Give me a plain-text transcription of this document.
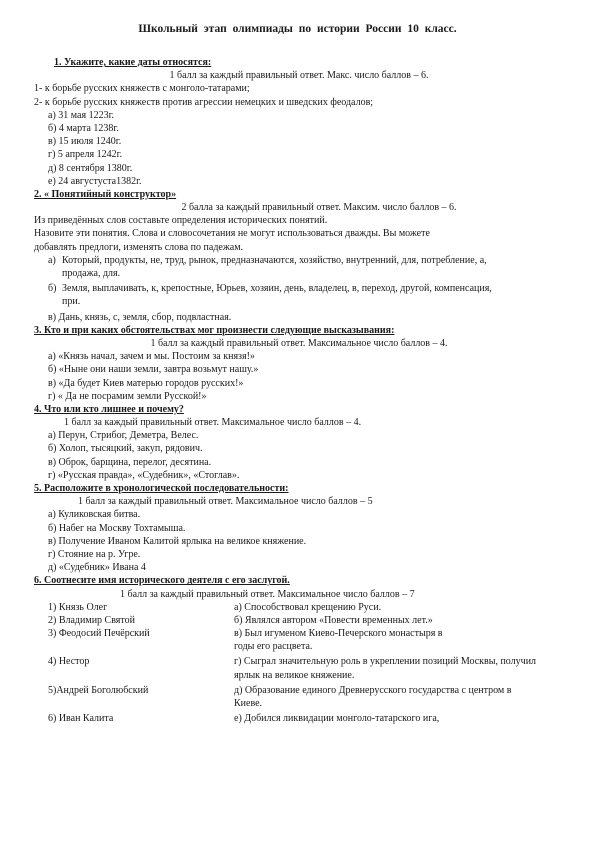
Школьный этап олимпиады по истории России 10 класс.

1. Укажите, какие даты относятся:

1 балл за каждый правильный ответ. Макс. число баллов – 6.

1- к борьбе русских княжеств с монголо-татарами;

2- к борьбе русских княжеств против агрессии немецких и шведских феодалов;

а) 31 мая 1223г.

б) 4 марта 1238г.

в) 15 июля 1240г.

г) 5 апреля 1242г.

д) 8 сентября 1380г.

е) 24 августуста1382г.

2. « Понятийный конструктор»

2 балла за каждый правильный ответ. Максим. число баллов – 6.

Из приведённых слов составьте определения исторических понятий.

Назовите эти понятия. Слова и словосочетания не могут использоваться дважды. Вы можете

добавлять предлоги, изменять слова по падежам.

а) Который, продукты, не, труд, рынок, предназначаются, хозяйство, внутренний, для, потребление, а, продажа, для.
б) Земля, выплачивать, к, крепостные, Юрьев, хозяин, день, владелец, в, переход, другой, компенсация, при.

в) Дань, князь, с, земля, сбор, подвластная.

3. Кто и при каких обстоятельствах мог произнести следующие высказывания:

1 балл за каждый правильный ответ. Максимальное число баллов – 4.

а) «Князь начал, зачем и мы. Постоим за князя!»

б) «Ныне они наши земли, завтра возьмут нашу.»

в) «Да будет Киев матерью городов русских!»

г) « Да не посрамим земли Русской!»

4. Что или кто лишнее и почему?

1 балл за каждый правильный ответ. Максимальное число баллов – 4.

а) Перун, Стрибог, Деметра, Велес.

б) Холоп, тысяцкий, закуп, рядович.

в) Оброк, барщина, перелог, десятина.

г) «Русская правда», «Судебник», «Стоглав».

5. Расположите в хронологической последовательности:

1 балл за каждый правильный ответ. Максимальное число баллов – 5

а) Куликовская битва.

б) Набег на Москву Тохтамыша.

в) Получение Иваном Калитой ярлыка на великое княжение.

г) Стояние на р. Угре.

д) «Судебник» Ивана 4

6. Соотнесите имя исторического деятеля с его заслугой.

1 балл за каждый правильный ответ. Максимальное число баллов – 7

1) Князь Олег	а) Способствовал крещению Руси.
2) Владимир Святой	б) Являлся автором «Повести временных лет.»
3) Феодосий Печёрский	в) Был игуменом Киево-Печерского монастыря в годы его расцвета.
4) Нестор	г) Сыграл значительную роль в укреплении позиций Москвы, получил ярлык на великое княжение.
5)Андрей Боголюбский	д) Образование единого Древнерусского государства с центром в Киеве.
6) Иван Калита	е) Добился ликвидации монголо-татарского ига,
